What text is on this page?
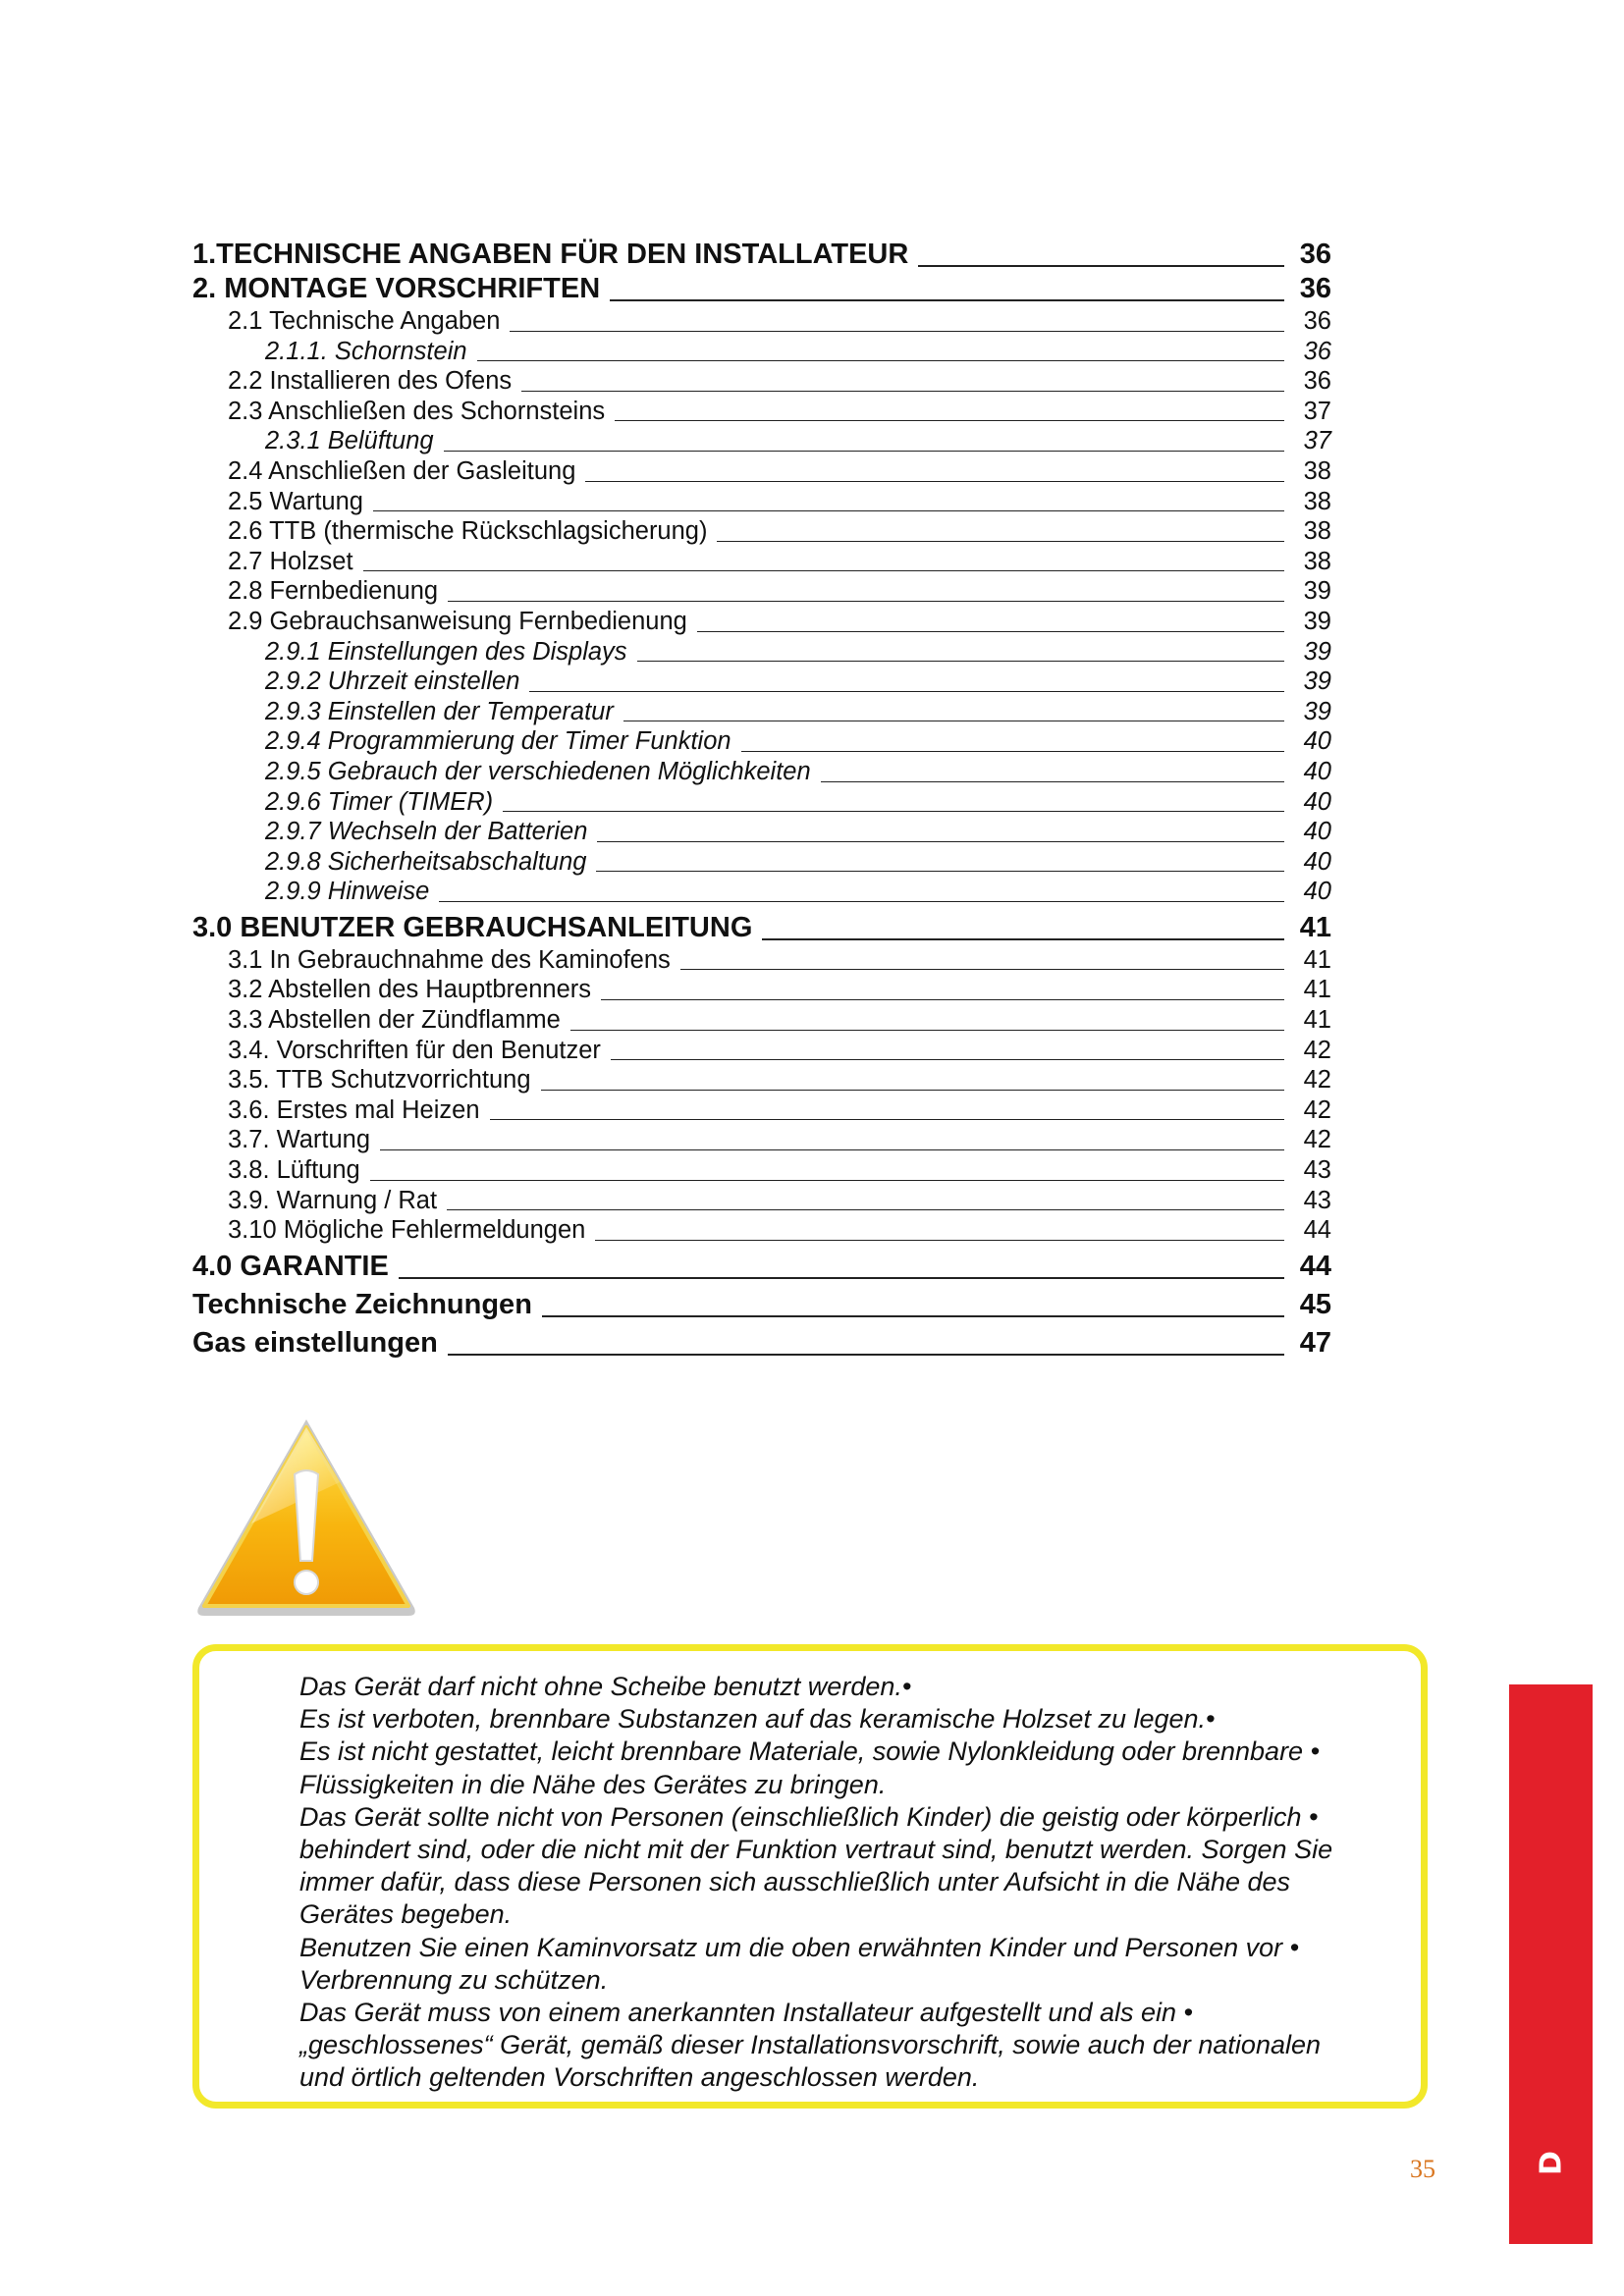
1.TECHNISCHE ANGABEN FÜR DEN INSTALLATEUR	36
2. MONTAGE VORSCHRIFTEN	36
2.1 Technische Angaben	36
2.1.1. Schornstein	36
2.2 Installieren des Ofens	36
2.3 Anschließen des Schornsteins	37
2.3.1 Belüftung	37
2.4 Anschließen der Gasleitung	38
2.5 Wartung	38
2.6 TTB (thermische Rückschlagsicherung)	38
2.7 Holzset	38
2.8 Fernbedienung	39
2.9 Gebrauchsanweisung Fernbedienung	39
2.9.1 Einstellungen des Displays	39
2.9.2 Uhrzeit einstellen	39
2.9.3 Einstellen der Temperatur	39
2.9.4 Programmierung der Timer Funktion	40
2.9.5 Gebrauch der verschiedenen Möglichkeiten	40
2.9.6 Timer (TIMER)	40
2.9.7 Wechseln der Batterien	40
2.9.8 Sicherheitsabschaltung	40
2.9.9 Hinweise	40
3.0 BENUTZER GEBRAUCHSANLEITUNG	41
3.1 In Gebrauchnahme des Kaminofens	41
3.2 Abstellen des Hauptbrenners	41
3.3 Abstellen der Zündflamme	41
3.4. Vorschriften für den Benutzer	42
3.5. TTB Schutzvorrichtung	42
3.6. Erstes mal Heizen	42
3.7. Wartung	42
3.8. Lüftung	43
3.9. Warnung / Rat	43
3.10 Mögliche Fehlermeldungen	44
4.0 GARANTIE	44
Technische Zeichnungen	45
Gas einstellungen	47
Das Gerät darf nicht ohne Scheibe benutzt werden.•
Es ist verboten, brennbare Substanzen auf das keramische Holzset zu legen.•
Es ist nicht gestattet, leicht brennbare Materiale, sowie Nylonkleidung oder brennbare •
Flüssigkeiten in die Nähe des Gerätes zu bringen.
Das Gerät sollte nicht von Personen (einschließlich Kinder) die geistig oder körperlich •
behindert sind, oder die nicht mit der Funktion vertraut sind, benutzt werden. Sorgen Sie
immer dafür, dass diese Personen sich ausschließlich unter Aufsicht in die Nähe des
Gerätes begeben.
Benutzen Sie einen Kaminvorsatz um die oben erwähnten Kinder und Personen vor •
Verbrennung zu schützen.
Das Gerät muss von einem anerkannten Installateur aufgestellt und als ein •
„geschlossenes“ Gerät, gemäß dieser Installationsvorschrift, sowie auch der nationalen
und örtlich geltenden Vorschriften angeschlossen werden.
D
35
